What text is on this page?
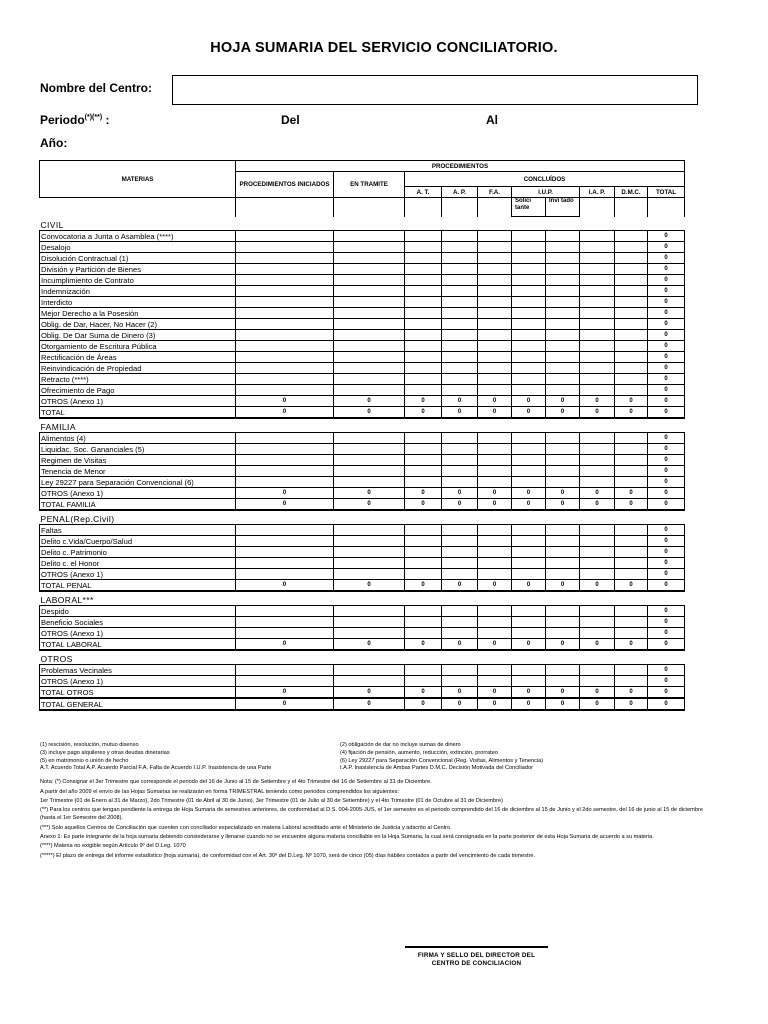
HOJA SUMARIA DEL SERVICIO CONCILIATORIO.
Nombre del Centro:
Periodo(*)(**) :	Del	Al
Año:
MATERIAS	PROCEDIMIENTOS									
	PROCEDIMIENTOS INICIADOS	EN TRAMITE	CONCLUÍDOS							
			A. T.	A. P.	F.A.	I.U.P.		I.A. P.	D.M.C.	TOTAL
						Solici tante	Invi tado			
CIVIL										
Convocatoria a Junta o Asamblea (****)										0
Desalojo										0
Disolución Contractual (1)										0
División y Partición de Bienes										0
Incumplimiento de Contrato										0
Indemnización										0
Interdicto										0
Mejor Derecho a la Posesión										0
Oblig. de Dar, Hacer, No Hacer (2)										0
Oblig. De Dar Suma de Dinero (3)										0
Otorgamiento de Escritura Pública										0
Rectificación de Áreas										0
Reinvindicación de Propiedad										0
Retracto (****)										0
Ofrecimiento de Pago										0
OTROS (Anexo 1)	0	0	0	0	0	0	0	0	0	0
TOTAL	0	0	0	0	0	0	0	0	0	0
FAMILIA										
Alimentos (4)										0
Liquidac. Soc. Gananciales (5)										0
Regimen de Visitas										0
Tenencia de Menor										0
Ley 29227 para Separación Convencional (6)										0
OTROS (Anexo 1)	0	0	0	0	0	0	0	0	0	0
TOTAL FAMILIA	0	0	0	0	0	0	0	0	0	0
PENAL(Rep.Civil)										
Faltas										0
Delito c.Vida/Cuerpo/Salud										0
Delito c. Patrimonio										0
Delito c. el Honor										0
OTROS (Anexo 1)										0
TOTAL PENAL	0	0	0	0	0	0	0	0	0	0
LABORAL***										
Despido										0
Beneficio Sociales										0
OTROS (Anexo 1)										0
TOTAL LABORAL	0	0	0	0	0	0	0	0	0	0
OTROS										
Problemas Vecinales										0
OTROS (Anexo 1)										0
TOTAL OTROS	0	0	0	0	0	0	0	0	0	0
TOTAL GENERAL	0	0	0	0	0	0	0	0	0	0
(1) rescisión, resolución, mutuo disenso	(2) obligación de dar no incluye sumas de dinero
(3) incluye pago alquileres y otras deudas dinerarias	(4) fijación de pensión, aumento, reducción, extinción, prorrateo
(5) en matrimonio o unión de hecho	(6) Ley 29227 para Separación Convencional (Reg. Visitas, Alimentos y Tenencia)
A.T. Acuerdo Total A.P. Acuerdo Parcial F.A. Falta de Acuerdo I.U.P. Inasistencia de una Parte	I.A.P. Inasistencia de Ambas Partes D.M.C. Decisión Motivada del Conciliador

Nota: (*) Consignar el 3er Trimestre que corresponde el periodo del 16 de Junio al 15 de Setiembre y el 4to Trimestre del 16 de Setiembre al 31 de Diciembre.

A partir del año 2009 el envío de las Hojas Sumarias se realizarán en forma TRIMESTRAL teniendo como periodos comprendidos los siguientes:

1er Trimestre (01 de Enero al 31 de Marzo), 2do Trimestre (01 de Abril al 30 de Junio), 3er Trimestre (01 de Julio al 30 de Setiembre) y el 4to Trimestre (01 de Octubre al 31 de Diciembre)

(**) Para los centros que tengan pendiente la entrega de Hoja Sumaria de semestres anteriores, de conformidad al D.S. 004-2005-JUS, el 1er semestre es el periodo comprendido del 16 de diciembre al 15 de Junio y el 2do semestre, del 16 de junio al 15 de diciembre (hasta el 1er Semestre del 2008).

(***) Solo aquellos Centros de Conciliación que cuenten con conciliador especializado en materia Laboral acreditado ante el Ministerio de Justicia y adscrito al Centro.

Anexo 1: Es parte integrante de la hoja sumaria debiendo consiederarse y llenarse cuando no se encuentre alguna materia conciliable en la Hoja Sumaria, la cual será consignada en la parte posterior de esta Hoja Sumaria de acuerdo a su materia.

(****) Materia no exigible según Artículo 9º del D.Leg. 1070

(*****) El plazo de entrega del informe estadístico (hoja sumaria), de conformidad con el Art. 30º del D.Leg. Nº 1070, será de cinco (05) días hábiles contados a partir del vencimiento de cada trimestre.

FIRMA Y SELLO DEL DIRECTOR DEL
CENTRO DE CONCILIACION
